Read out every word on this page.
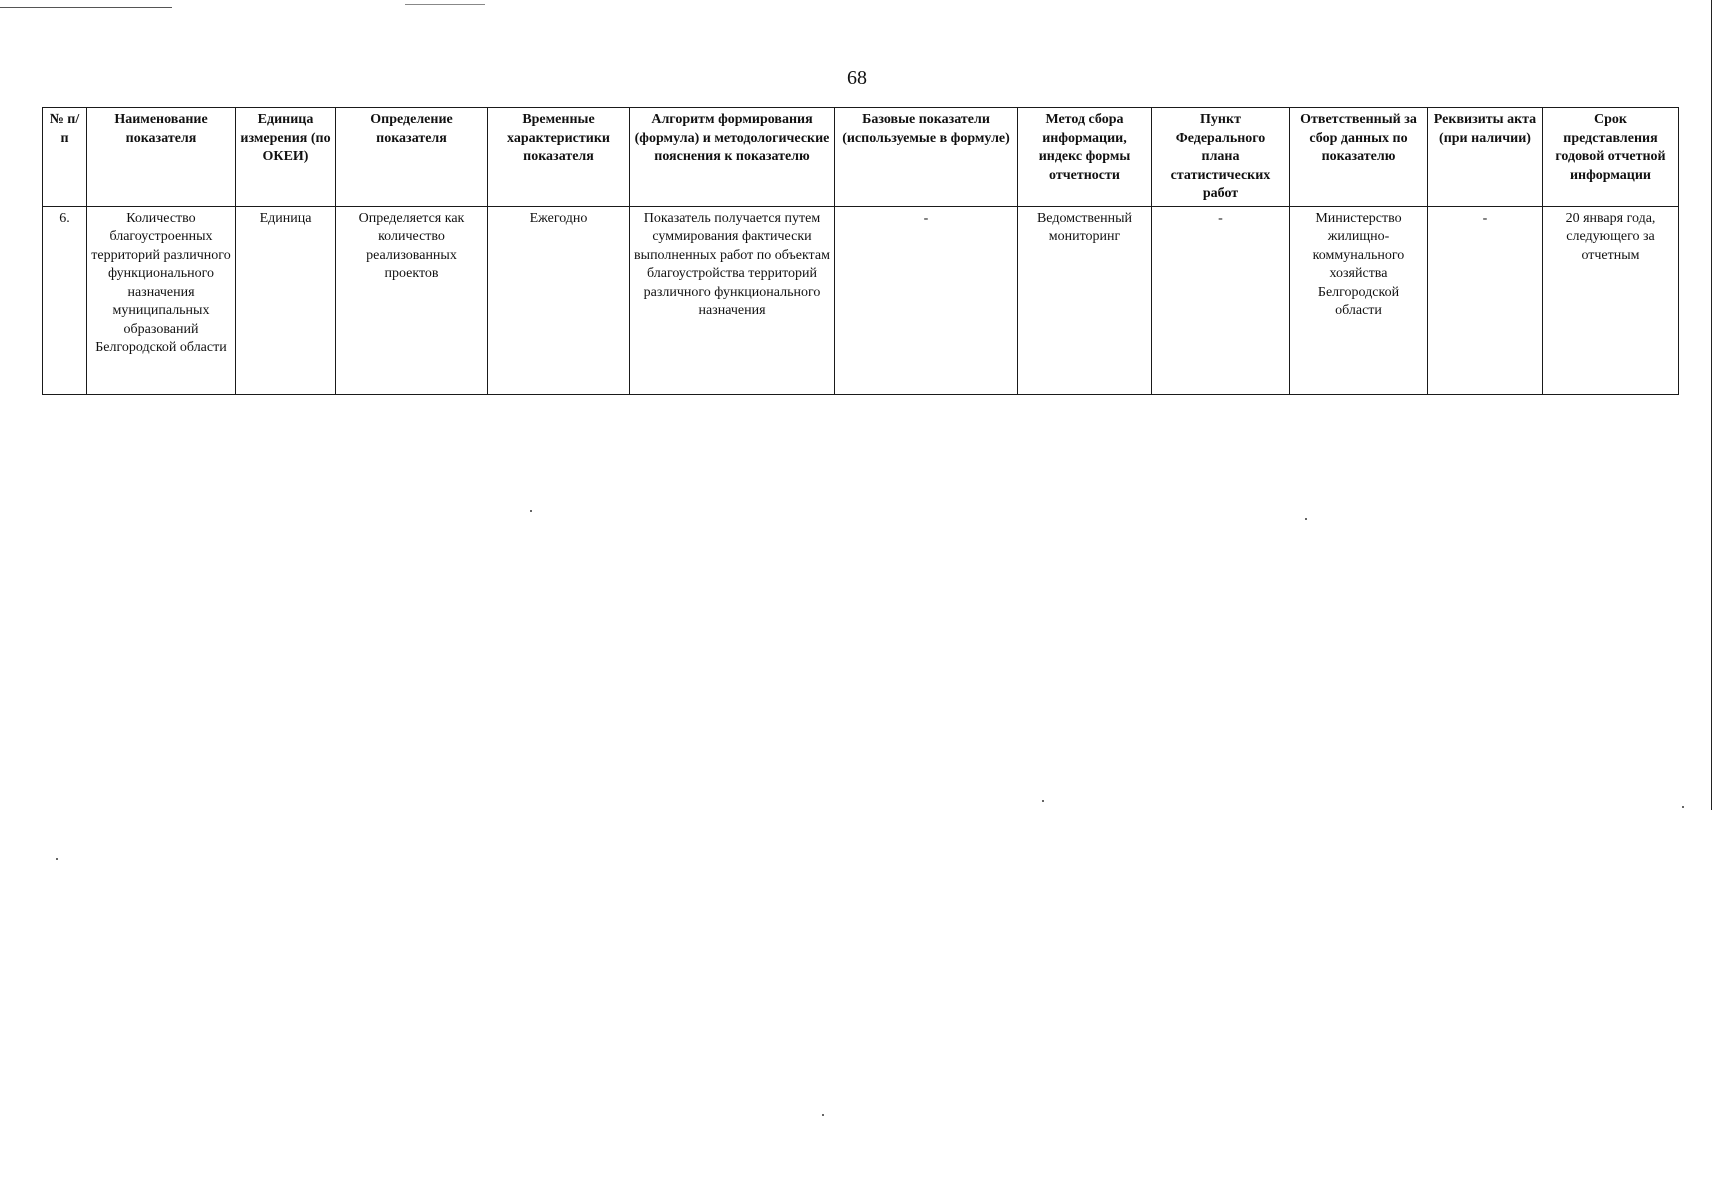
68
№ п/п	Наименование показателя	Единица измерения (по ОКЕИ)	Определение показателя	Временные характеристики показателя	Алгоритм формирования (формула) и методологические пояснения к показателю	Базовые показатели (используемые в формуле)	Метод сбора информации, индекс формы отчетности	Пункт Федерального плана статистических работ	Ответственный за сбор данных по показателю	Реквизиты акта (при наличии)	Срок представления годовой отчетной информации
6.	Количество благоустроенных территорий различного функционального назначения муниципальных образований Белгородской области	Единица	Определяется как количество реализованных проектов	Ежегодно	Показатель получается путем суммирования фактически выполненных работ по объектам благоустройства территорий различного функционального назначения	-	Ведомственный мониторинг	-	Министерство жилищно-коммунального хозяйства Белгородской области	-	20 января года, следующего за отчетным
